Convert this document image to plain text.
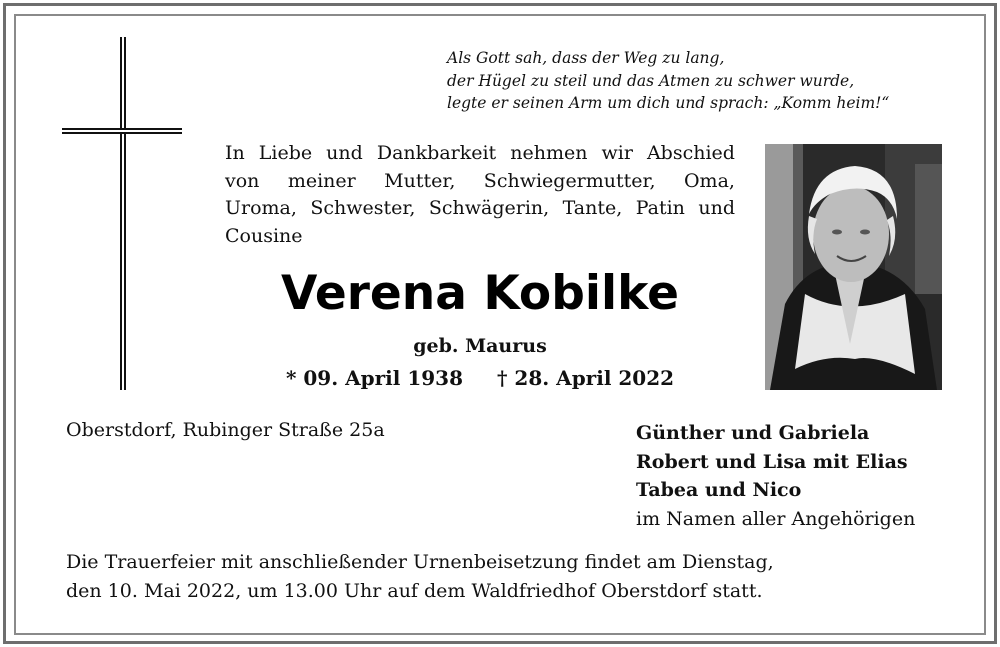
Als Gott sah, dass der Weg zu lang,
der Hügel zu steil und das Atmen zu schwer wurde,
legte er seinen Arm um dich und sprach: „Komm heim!“
In Liebe und Dankbarkeit nehmen wir Abschied
von meiner Mutter, Schwiegermutter, Oma,
Uroma, Schwester, Schwägerin, Tante, Patin und
Cousine
Verena Kobilke
geb. Maurus
* 09. April 1938 † 28. April 2022
Oberstdorf, Rubinger Straße 25a	Günther und Gabriela
Robert und Lisa mit Elias
Tabea und Nico
im Namen aller Angehörigen
Die Trauerfeier mit anschließender Urnenbeisetzung findet am Dienstag,
den 10. Mai 2022, um 13.00 Uhr auf dem Waldfriedhof Oberstdorf statt.
